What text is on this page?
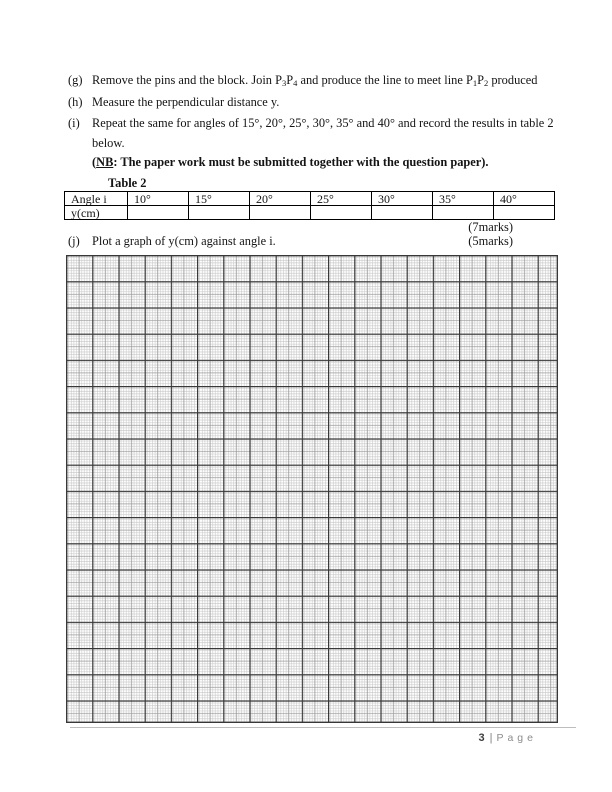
(g) Remove the pins and the block. Join $P_3P_4$ and produce the line to meet line $P_1P_2$ produced
(h) Measure the perpendicular distance y.
(i) Repeat the same for angles of 15°, 20°, 25°, 30°, 35° and 40° and record the results in table 2
below.
(NB: The paper work must be submitted together with the question paper).
Table 2
Angle i	10°	15°	20°	25°	30°	35°	40°
y(cm)							
(7marks)
(j) Plot a graph of y(cm) against angle i.	(5marks)
3 | Page
